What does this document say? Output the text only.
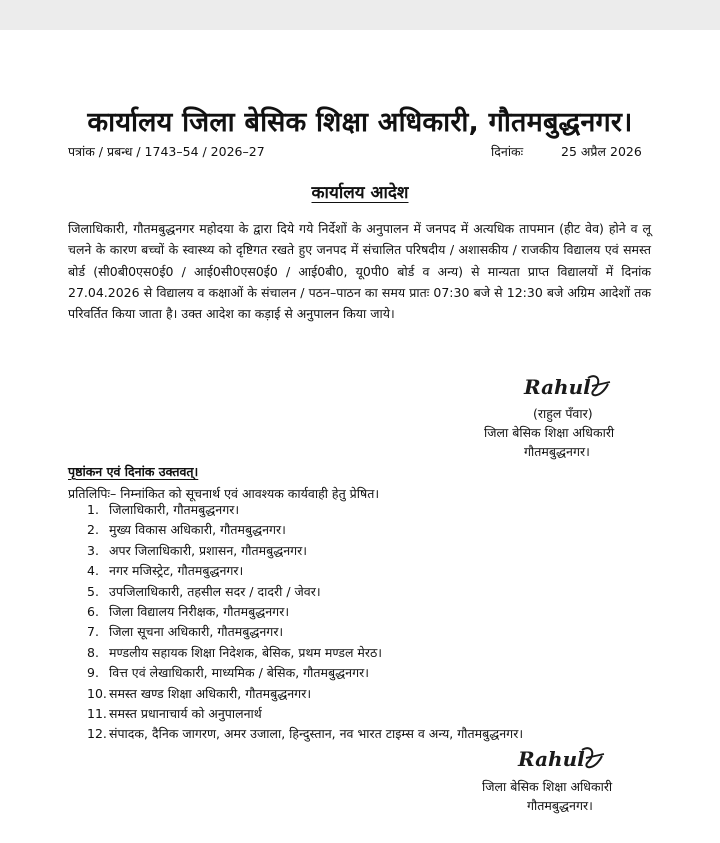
कार्यालय जिला बेसिक शिक्षा अधिकारी, गौतमबुद्धनगर।
पत्रांक / प्रबन्ध / 1743–54 / 2026–27	दिनांकः	25 अप्रैल 2026
कार्यालय आदेश
जिलाधिकारी, गौतमबुद्धनगर महोदया के द्वारा दिये गये निर्देशों के अनुपालन में जनपद में अत्यधिक तापमान (हीट वेव) होने व लू चलने के कारण बच्चों के स्वास्थ्य को दृष्टिगत रखते हुए जनपद में संचालित परिषदीय / अशासकीय / राजकीय विद्यालय एवं समस्त बोर्ड (सी0बी0एस0ई0 / आई0सी0एस0ई0 / आई0बी0, यू0पी0 बोर्ड व अन्य) से मान्यता प्राप्त विद्यालयों में दिनांक 27.04.2026 से विद्यालय व कक्षाओं के संचालन / पठन–पाठन का समय प्रातः 07:30 बजे से 12:30 बजे अग्रिम आदेशों तक परिवर्तित किया जाता है। उक्त आदेश का कड़ाई से अनुपालन किया जाये।
Rahul
(राहुल पँवार)
जिला बेसिक शिक्षा अधिकारी
गौतमबुद्धनगर।
पृष्ठांकन एवं दिनांक उक्तवत्।
प्रतिलिपिः– निम्नांकित को सूचनार्थ एवं आवश्यक कार्यवाही हेतु प्रेषित।
1. जिलाधिकारी, गौतमबुद्धनगर।
2. मुख्य विकास अधिकारी, गौतमबुद्धनगर।
3. अपर जिलाधिकारी, प्रशासन, गौतमबुद्धनगर।
4. नगर मजिस्ट्रेट, गौतमबुद्धनगर।
5. उपजिलाधिकारी, तहसील सदर / दादरी / जेवर।
6. जिला विद्यालय निरीक्षक, गौतमबुद्धनगर।
7. जिला सूचना अधिकारी, गौतमबुद्धनगर।
8. मण्डलीय सहायक शिक्षा निदेशक, बेसिक, प्रथम मण्डल मेरठ।
9. वित्त एवं लेखाधिकारी, माध्यमिक / बेसिक, गौतमबुद्धनगर।
10. समस्त खण्ड शिक्षा अधिकारी, गौतमबुद्धनगर।
11. समस्त प्रधानाचार्य को अनुपालनार्थ
12. संपादक, दैनिक जागरण, अमर उजाला, हिन्दुस्तान, नव भारत टाइम्स व अन्य, गौतमबुद्धनगर।
Rahul
जिला बेसिक शिक्षा अधिकारी
गौतमबुद्धनगर।
